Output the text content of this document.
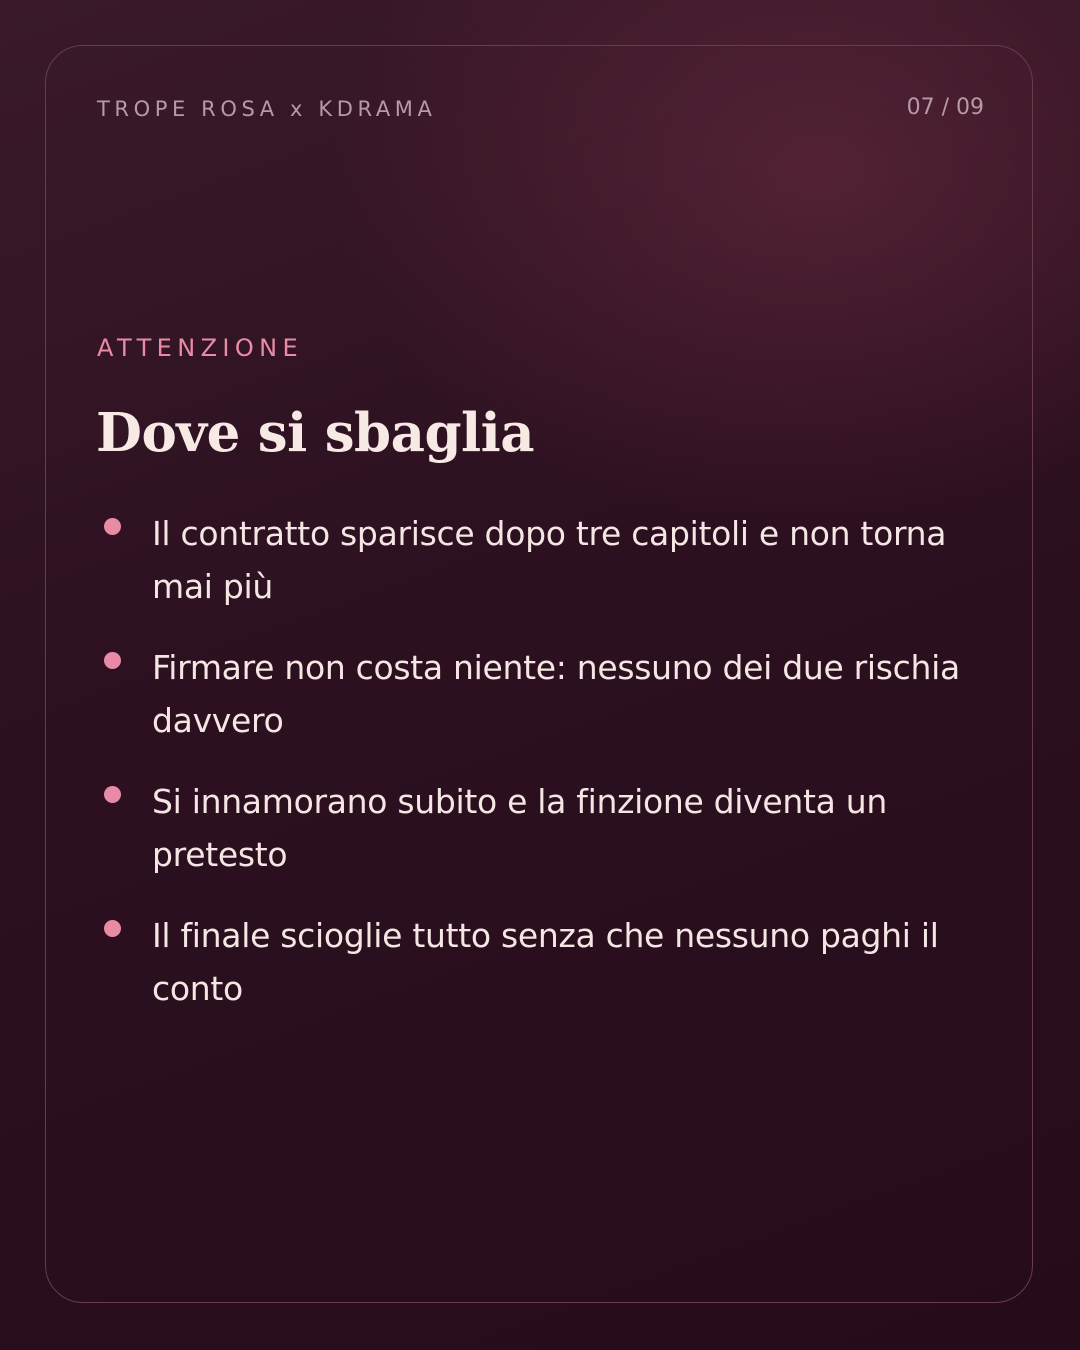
TROPE ROSA x KDRAMA	07 / 09
ATTENZIONE
Dove si sbaglia
Il contratto sparisce dopo tre capitoli e non torna mai più
Firmare non costa niente: nessuno dei due rischia davvero
Si innamorano subito e la finzione diventa un pretesto
Il finale scioglie tutto senza che nessuno paghi il conto
